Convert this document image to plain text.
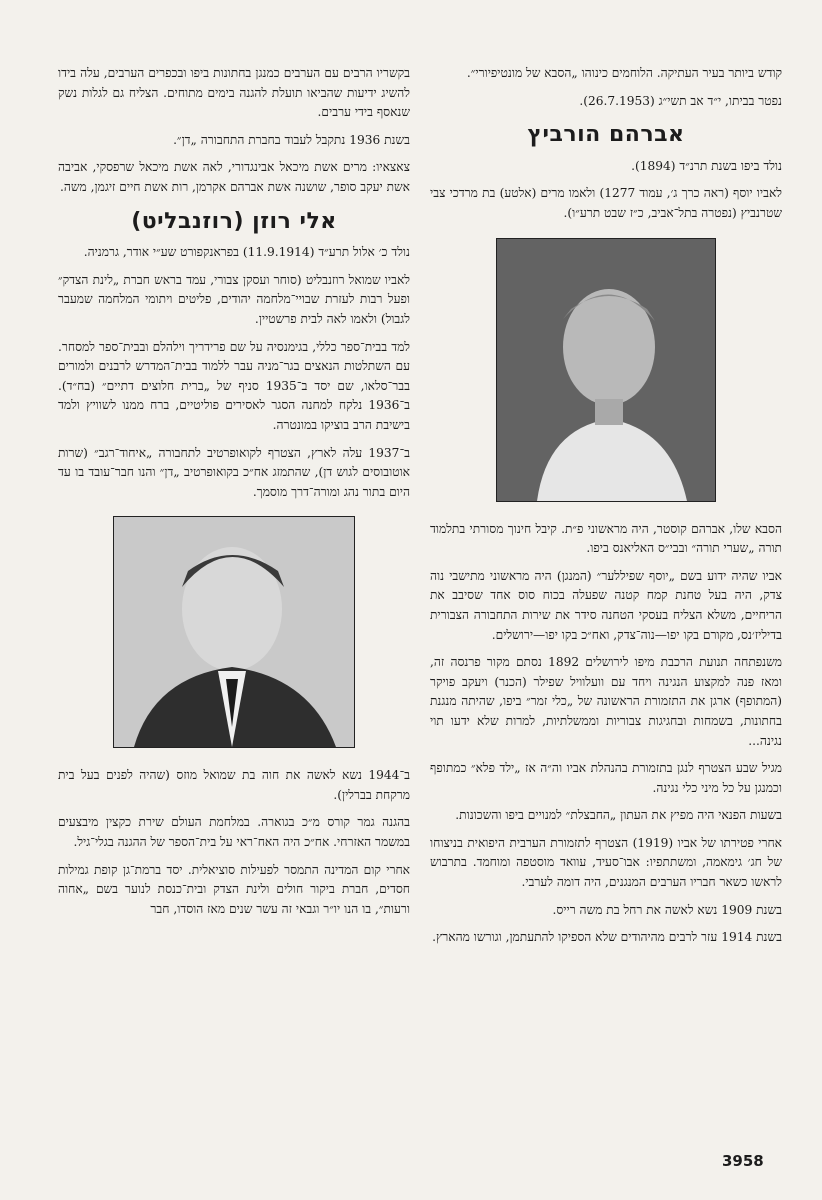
קודש ביותר בעיר העתיקה. הלוחמים כינוהו „הסבא של מונטיפיורי״.

נפטר בביתו, י״ד אב תשי״ג (26.7.1953).

אברהם הורביץ

נולד ביפו בשנת תרנ״ד (1894).

לאביו יוסף (ראה כרך ג׳, עמוד 1277) ולאמו מרים (אלטע) בת מרדכי צבי שטרנביץ (נפטרה בתל־אביב, כ״ז שבט תרע״ו).

הסבא שלו, אברהם קוסטר, היה מראשוני פ״ת. קיבל חינוך מסורתי בתלמוד תורה „שערי תורה״ ובבי״ס האליאנס ביפו.

אביו שהיה ידוע בשם „יוסף שפיללער״ (המנגן) היה מראשוני מתישבי נוה צדק, היה בעל טחנת קמח קטנה שפעלה בכוח סוס אחד שסיבב את הריחיים, משלא הצליח בעסקי הטחנה סידר את שירות התחבורה הצבורית בדיליז׳נס, מקורם בקו יפו—נוה־צדק, ואח״כ בקו יפו—ירושלים.

משנפתחה תנועת הרכבת מיפו לירושלים 1892 נסתם מקור פרנסה זה, ומאז פנה למקצוע הנגינה ויחד עם וועלוויל שפילר (הכנר) ויעקב פויקר (המתופף) ארגן את התזמורת הראשונה של „כלי זמר״ ביפו, שהיתה מנגנת בחתונות, בשמחות ובחגיגות צבוריות וממשלתיות, למרות שלא ידעו תוי נגינה...

מגיל שבע הצטרף לנגן בתזמורת בהנהלת אביו וה״ה אז „ילד פלא״ כמתופף וכמנגן על כל מיני כלי נגינה.

בשעות הפנאי היה מפיץ את העתון „החבצלת״ למנויים ביפו והשכונות.

אחרי פטירתו של אביו (1919) הצטרף לתזמורת הערבית היפואית בניצוחו של חג׳ גימאמה, ומשתתפיו: אבו־סעיד, עוואד מוסטפה ומוחמד. בתרבוש לראשו כשאר חבריו הערבים המנגנים, היה דומה לערבי.

בשנת 1909 נשא לאשה את רחל בת משה רייס.

בשנת 1914 עזר לרבים מהיהודים שלא הספיקו להתעתמן, וגורשו מהארץ.

בקשריו הרבים עם הערבים כמנגן בחתונות ביפו ובכפרים הערבים, עלה בידו להשיג ידיעות שהביאו תועלת להגנה בימים מתוחים. הצליח גם לגלות נשק שנאסף בידי ערבים.

בשנת 1936 נתקבל לעבוד בחברת התחבורה „דן״.

צאצאיו: מרים אשת מיכאל אבינגדורי, לאה אשת מיכאל שרפסקי, אביבה אשת יעקב סופר, שושנה אשת אברהם אקרמן, רות אשת חיים זיגמן, משה.

אלי רוזן (רוזנבליט)

נולד כ׳ אלול תרע״ד (11.9.1914) בפראנקפורט שע״י אודר, גרמניה.

לאביו שמואל רוזנבליט (סוחר ועסקן צבורי, עמד בראש חברת „לינת הצדק״ ופעל רבות לעזרת שבויי־מלחמה יהודים, פליטים ויתומי המלחמה שמעבר לגבול) ולאמו לאה לבית פרשטיין.

למד בבית־ספר כללי, בגימנסיה על שם פרידריך וילהלם ובבית־ספר למסחר. עם השתלטות הנאצים בגר־מניה עבר ללמוד בבית־המדרש לרבנים ולמורים בבר־סלאו, שם יסד ב־1935 סניף של „ברית חלוצים דתיים״ (בח״ד). ב־1936 נלקח למחנה הסגר לאסירים פוליטיים, ברח ממנו לשוויץ ולמד בישיבת הרב בוציקו במונטרה.

ב־1937 עלה לארץ, הצטרף לקואופרטיב לתחבורה „איחוד־רגב״ (שרות אוטובוסים לגוש דן), שהתמזג אח״כ בקואופרטיב „דן״ והנו חבר־עובד בו עד היום בתור נהג ומורה־דרך מוסמך.

ב־1944 נשא לאשה את חוה בת שמואל מוזס (שהיה לפנים בעל בית מרקחת בברלין).

בהגנה גמר קורס מ״כ בגוארה. במלחמת העולם שירת כקצין מיבצעים במשמר האזרחי. אח״כ היה האח־ראי על בית־הספר של ההגנה בגלי־גיל.

אחרי קום המדינה התמסר לפעילות סוציאלית. יסד ברמת־גן קופת גמילות חסדים, חברת ביקור חולים ולינת הצדק ובית־כנסת לנוער בשם „אחוה ורעות״, בו הנו יו״ר וגבאי זה עשר שנים מאז הוסדו, חבר

3958
